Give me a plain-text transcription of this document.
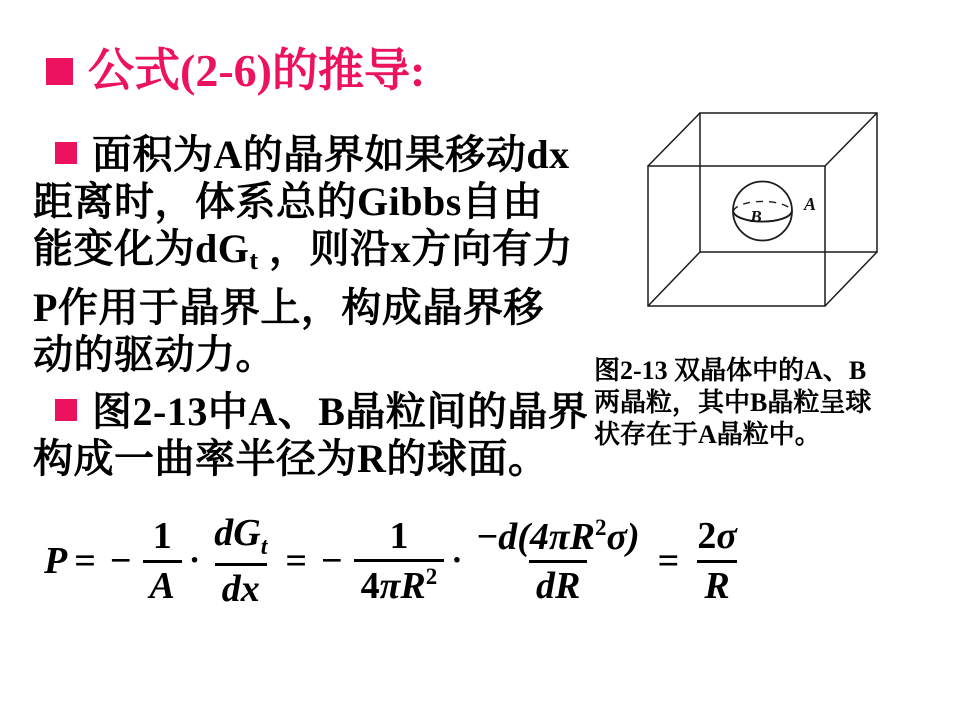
公式(2-6)的推导:
面积为A的晶界如果移动dx
距离时，体系总的Gibbs自由
能变化为dGt ，则沿x方向有力
P作用于晶界上，构成晶界移
动的驱动力。
图2-13中A、B晶粒间的晶界
构成一曲率半径为R的球面。
B
A
图2-13 双晶体中的A、B
两晶粒，其中B晶粒呈球
状存在于A晶粒中。
P = − $\frac{1}{A} \cdot \frac{dG_t}{dx}$ = − $\frac{1}{4\pi R^2} \cdot \frac{-d(4\pi R^2\sigma)}{dR} = \frac{2\sigma}{R}$
